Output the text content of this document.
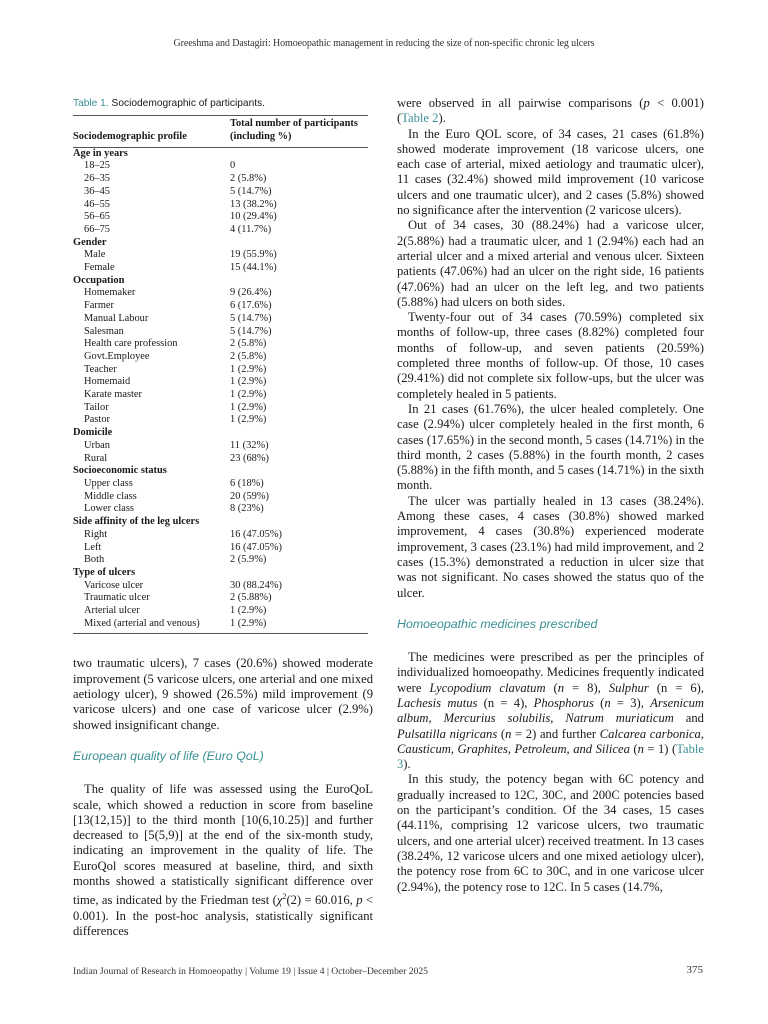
Greeshma and Dastagiri: Homoeopathic management in reducing the size of non-specific chronic leg ulcers
Table 1. Sociodemographic of participants.
Sociodemographic profile	Total number of participants (including %)
Age in years	
18–25	0
26–35	2 (5.8%)
36–45	5 (14.7%)
46–55	13 (38.2%)
56–65	10 (29.4%)
66–75	4 (11.7%)
Gender	
Male	19 (55.9%)
Female	15 (44.1%)
Occupation	
Homemaker	9 (26.4%)
Farmer	6 (17.6%)
Manual Labour	5 (14.7%)
Salesman	5 (14.7%)
Health care profession	2 (5.8%)
Govt.Employee	2 (5.8%)
Teacher	1 (2.9%)
Homemaid	1 (2.9%)
Karate master	1 (2.9%)
Tailor	1 (2.9%)
Pastor	1 (2.9%)
Domicile	
Urban	11 (32%)
Rural	23 (68%)
Socioeconomic status	
Upper class	6 (18%)
Middle class	20 (59%)
Lower class	8 (23%)
Side affinity of the leg ulcers	
Right	16 (47.05%)
Left	16 (47.05%)
Both	2 (5.9%)
Type of ulcers	
Varicose ulcer	30 (88.24%)
Traumatic ulcer	2 (5.88%)
Arterial ulcer	1 (2.9%)
Mixed (arterial and venous)	1 (2.9%)

two traumatic ulcers), 7 cases (20.6%) showed moderate improvement (5 varicose ulcers, one arterial and one mixed aetiology ulcer), 9 showed (26.5%) mild improvement (9 varicose ulcers) and one case of varicose ulcer (2.9%) showed insignificant change.

European quality of life (Euro QoL)

The quality of life was assessed using the EuroQoL scale, which showed a reduction in score from baseline [13(12,15)] to the third month [10(6,10.25)] and further decreased to [5(5,9)] at the end of the six-month study, indicating an improvement in the quality of life. The EuroQol scores measured at baseline, third, and sixth months showed a statistically significant difference over time, as indicated by the Friedman test ($\chi^2(2) = 60.016$, p < 0.001). In the post-hoc analysis, statistically significant differences

were observed in all pairwise comparisons (p < 0.001) (Table 2).

In the Euro QOL score, of 34 cases, 21 cases (61.8%) showed moderate improvement (18 varicose ulcers, one each case of arterial, mixed aetiology and traumatic ulcer), 11 cases (32.4%) showed mild improvement (10 varicose ulcers and one traumatic ulcer), and 2 cases (5.8%) showed no significance after the intervention (2 varicose ulcers).

Out of 34 cases, 30 (88.24%) had a varicose ulcer, 2(5.88%) had a traumatic ulcer, and 1 (2.94%) each had an arterial ulcer and a mixed arterial and venous ulcer. Sixteen patients (47.06%) had an ulcer on the right side, 16 patients (47.06%) had an ulcer on the left leg, and two patients (5.88%) had ulcers on both sides.

Twenty-four out of 34 cases (70.59%) completed six months of follow-up, three cases (8.82%) completed four months of follow-up, and seven patients (20.59%) completed three months of follow-up. Of those, 10 cases (29.41%) did not complete six follow-ups, but the ulcer was completely healed in 5 patients.

In 21 cases (61.76%), the ulcer healed completely. One case (2.94%) ulcer completely healed in the first month, 6 cases (17.65%) in the second month, 5 cases (14.71%) in the third month, 2 cases (5.88%) in the fourth month, 2 cases (5.88%) in the fifth month, and 5 cases (14.71%) in the sixth month.

The ulcer was partially healed in 13 cases (38.24%). Among these cases, 4 cases (30.8%) showed marked improvement, 4 cases (30.8%) experienced moderate improvement, 3 cases (23.1%) had mild improvement, and 2 cases (15.3%) demonstrated a reduction in ulcer size that was not significant. No cases showed the status quo of the ulcer.

Homoeopathic medicines prescribed

The medicines were prescribed as per the principles of individualized homoeopathy. Medicines frequently indicated were Lycopodium clavatum (n = 8), Sulphur (n = 6), Lachesis mutus (n = 4), Phosphorus (n = 3), Arsenicum album, Mercurius solubilis, Natrum muriaticum and Pulsatilla nigricans (n = 2) and further Calcarea carbonica, Causticum, Graphites, Petroleum, and Silicea (n = 1) (Table 3).

In this study, the potency began with 6C potency and gradually increased to 12C, 30C, and 200C potencies based on the participant’s condition. Of the 34 cases, 15 cases (44.11%, comprising 12 varicose ulcers, two traumatic ulcers, and one arterial ulcer) received treatment. In 13 cases (38.24%, 12 varicose ulcers and one mixed aetiology ulcer), the potency rose from 6C to 30C, and in one varicose ulcer (2.94%), the potency rose to 12C. In 5 cases (14.7%,

Indian Journal of Research in Homoeopathy | Volume 19 | Issue 4 | October–December 2025	375
